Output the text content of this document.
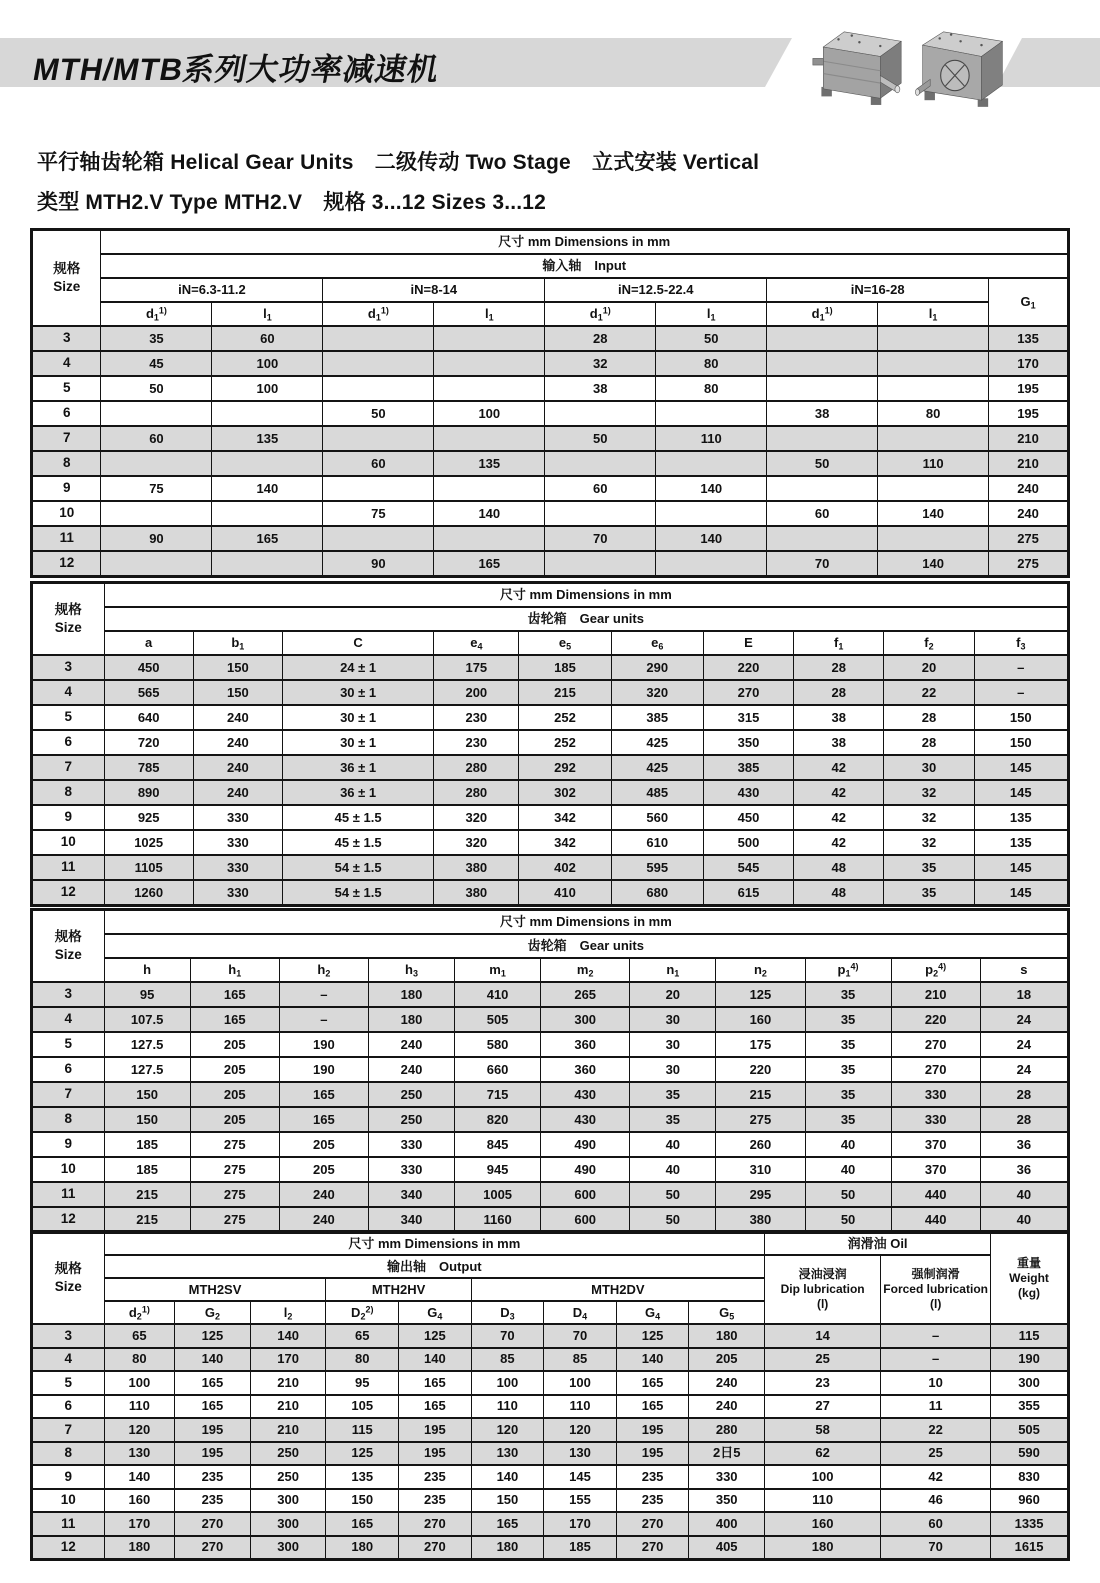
MTH/MTB系列大功率减速机
平行轴齿轮箱 Helical Gear Units　二级传动 Two Stage　立式安装 Vertical
类型 MTH2.V Type MTH2.V　规格 3...12 Sizes 3...12
规格
Size	尺寸 mm Dimensions in mm								
	输入轴　Input								
	iN=6.3-11.2		iN=8-14		iN=12.5-22.4		iN=16-28		$G_1$
	$d_1^{1)}$	$l_1$	$d_1^{1)}$	$l_1$	$d_1^{1)}$	$l_1$	$d_1^{1)}$	$l_1$
3	35	60			28	50			135
4	45	100			32	80			170
5	50	100			38	80			195
6			50	100			38	80	195
7	60	135			50	110			210
8			60	135			50	110	210
9	75	140			60	140			240
10			75	140			60	140	240
11	90	165			70	140			275
12			90	165			70	140	275
规格
Size	尺寸 mm Dimensions in mm									
	齿轮箱　Gear units									
	a	$b_1$	C	$e_4$	$e_5$	$e_6$	E	$f_1$	$f_2$	$f_3$
3	450	150	24 ± 1	175	185	290	220	28	20	–
4	565	150	30 ± 1	200	215	320	270	28	22	–
5	640	240	30 ± 1	230	252	385	315	38	28	150
6	720	240	30 ± 1	230	252	425	350	38	28	150
7	785	240	36 ± 1	280	292	425	385	42	30	145
8	890	240	36 ± 1	280	302	485	430	42	32	145
9	925	330	45 ± 1.5	320	342	560	450	42	32	135
10	1025	330	45 ± 1.5	320	342	610	500	42	32	135
11	1105	330	54 ± 1.5	380	402	595	545	48	35	145
12	1260	330	54 ± 1.5	380	410	680	615	48	35	145
规格
Size	尺寸 mm Dimensions in mm										
	齿轮箱　Gear units										
	h	$h_1$	$h_2$	$h_3$	$m_1$	$m_2$	$n_1$	$n_2$	$p_1^{4)}$	$p_2^{4)}$	s
3	95	165	–	180	410	265	20	125	35	210	18
4	107.5	165	–	180	505	300	30	160	35	220	24
5	127.5	205	190	240	580	360	30	175	35	270	24
6	127.5	205	190	240	660	360	30	220	35	270	24
7	150	205	165	250	715	430	35	215	35	330	28
8	150	205	165	250	820	430	35	275	35	330	28
9	185	275	205	330	845	490	40	260	40	370	36
10	185	275	205	330	945	490	40	310	40	370	36
11	215	275	240	340	1005	600	50	295	50	440	40
12	215	275	240	340	1160	600	50	380	50	440	40
规格
Size	尺寸 mm Dimensions in mm									润滑油 Oil		重量
Weight
(kg)
	输出轴　Output									浸油浸润
Dip lubrication
(l)	强制润滑
Forced lubrication
(l)	
	MTH2SV			MTH2HV		MTH2DV						
	$d_2^{1)}$	$G_2$	$l_2$	$D_2^{2)}$	$G_4$	$D_3$	$D_4$	$G_4$	$G_5$
3	65	125	140	65	125	70	70	125	180	14	–	115
4	80	140	170	80	140	85	85	140	205	25	–	190
5	100	165	210	95	165	100	100	165	240	23	10	300
6	110	165	210	105	165	110	110	165	240	27	11	355
7	120	195	210	115	195	120	120	195	280	58	22	505
8	130	195	250	125	195	130	130	195	2日5	62	25	590
9	140	235	250	135	235	140	145	235	330	100	42	830
10	160	235	300	150	235	150	155	235	350	110	46	960
11	170	270	300	165	270	165	170	270	400	160	60	1335
12	180	270	300	180	270	180	185	270	405	180	70	1615
